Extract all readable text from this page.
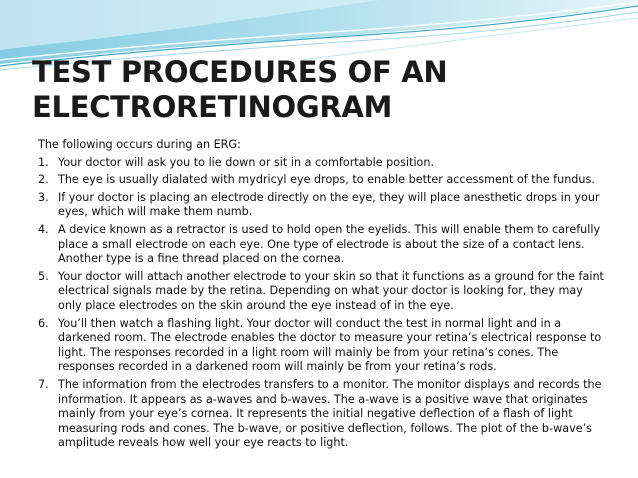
TEST PROCEDURES OF AN
ELECTRORETINOGRAM

The following occurs during an ERG:

1. Your doctor will ask you to lie down or sit in a comfortable position.
2. The eye is usually dialated with mydricyl eye drops, to enable better accessment of the fundus.
3. If your doctor is placing an electrode directly on the eye, they will place anesthetic drops in your eyes, which will make them numb.
4. A device known as a retractor is used to hold open the eyelids. This will enable them to carefully place a small electrode on each eye. One type of electrode is about the size of a contact lens. Another type is a fine thread placed on the cornea.
5. Your doctor will attach another electrode to your skin so that it functions as a ground for the faint electrical signals made by the retina. Depending on what your doctor is looking for, they may only place electrodes on the skin around the eye instead of in the eye.
6. You’ll then watch a flashing light. Your doctor will conduct the test in normal light and in a darkened room. The electrode enables the doctor to measure your retina’s electrical response to light. The responses recorded in a light room will mainly be from your retina’s cones. The responses recorded in a darkened room will mainly be from your retina’s rods.
7. The information from the electrodes transfers to a monitor. The monitor displays and records the information. It appears as a-waves and b-waves. The a-wave is a positive wave that originates mainly from your eye’s cornea. It represents the initial negative deflection of a flash of light measuring rods and cones. The b-wave, or positive deflection, follows. The plot of the b-wave’s amplitude reveals how well your eye reacts to light.
